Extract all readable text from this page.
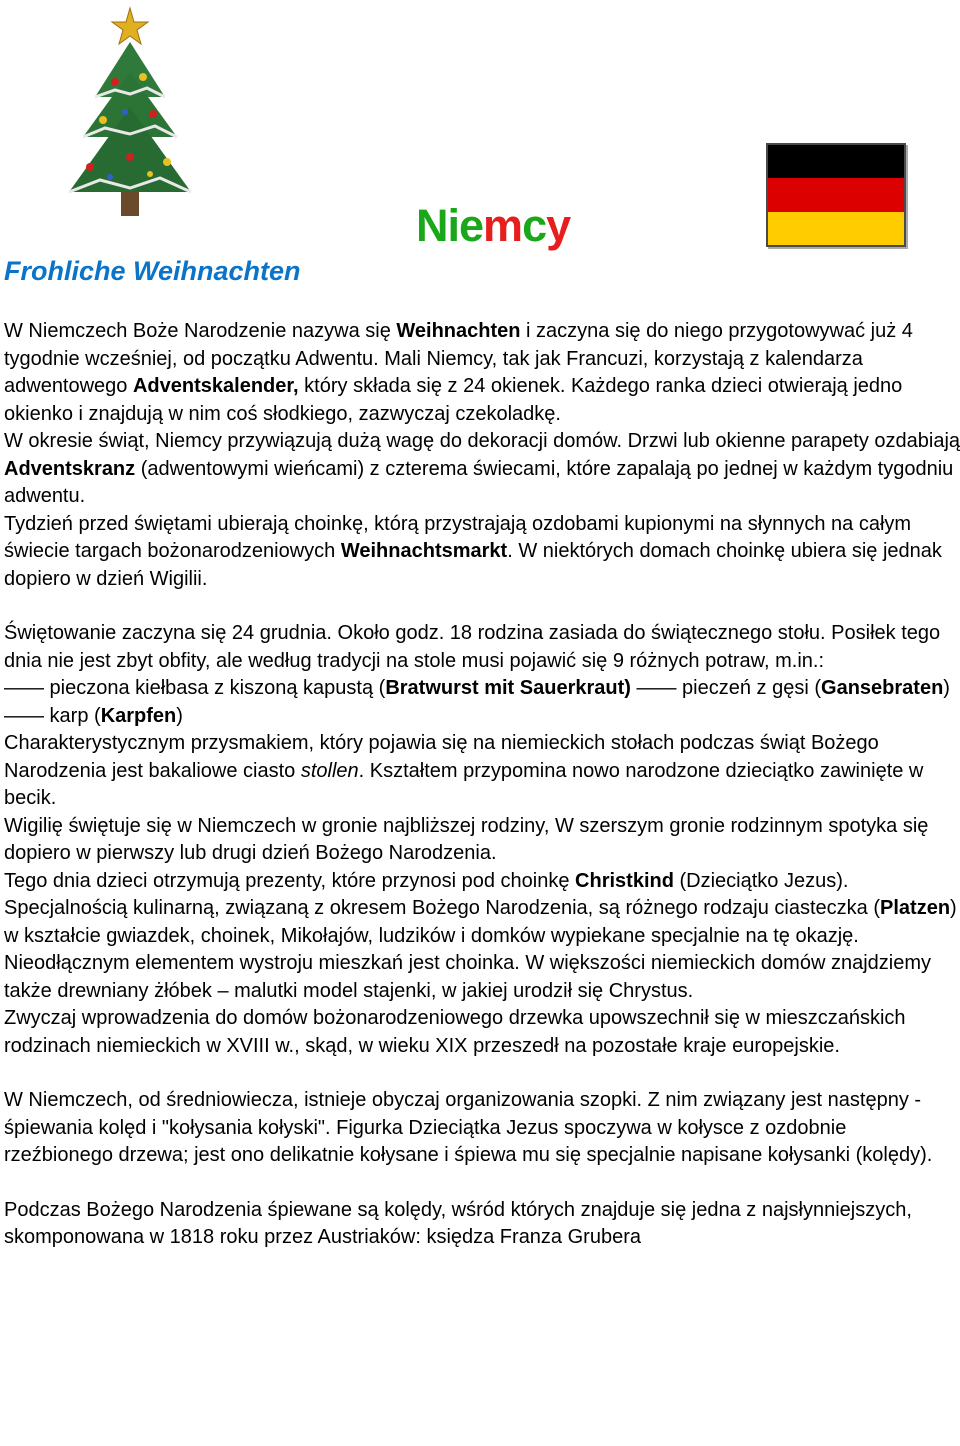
Frohliche Weihnachten
Niemcy

W Niemczech Boże Narodzenie nazywa się Weihnachten i zaczyna się do niego przygotowywać już 4 tygodnie wcześniej, od początku Adwentu. Mali Niemcy, tak jak Francuzi, korzystają z kalendarza adwentowego Adventskalender, który składa się z 24 okienek. Każdego ranka dzieci otwierają jedno okienko i znajdują w nim coś słodkiego, zazwyczaj czekoladkę.

W okresie świąt, Niemcy przywiązują dużą wagę do dekoracji domów. Drzwi lub okienne parapety ozdabiają Adventskranz (adwentowymi wieńcami) z czterema świecami, które zapalają po jednej w każdym tygodniu adwentu.

Tydzień przed świętami ubierają choinkę, którą przystrajają ozdobami kupionymi na słynnych na całym świecie targach bożonarodzeniowych Weihnachtsmarkt. W niektórych domach choinkę ubiera się jednak dopiero w dzień Wigilii.

Świętowanie zaczyna się 24 grudnia. Około godz. 18 rodzina zasiada do świątecznego stołu. Posiłek tego dnia nie jest zbyt obfity, ale według tradycji na stole musi pojawić się 9 różnych potraw, m.in.:

—— pieczona kiełbasa z kiszoną kapustą (Bratwurst mit Sauerkraut) —— pieczeń z gęsi (Gansebraten) —— karp (Karpfen)

Charakterystycznym przysmakiem, który pojawia się na niemieckich stołach podczas świąt Bożego Narodzenia jest bakaliowe ciasto stollen. Kształtem przypomina nowo narodzone dzieciątko zawinięte w becik.

Wigilię świętuje się w Niemczech w gronie najbliższej rodziny, W szerszym gronie rodzinnym spotyka się dopiero w pierwszy lub drugi dzień Bożego Narodzenia.

Tego dnia dzieci otrzymują prezenty, które przynosi pod choinkę Christkind (Dzieciątko Jezus).

Specjalnością kulinarną, związaną z okresem Bożego Narodzenia, są różnego rodzaju ciasteczka (Platzen) w kształcie gwiazdek, choinek, Mikołajów, ludzików i domków wypiekane specjalnie na tę okazję.

Nieodłącznym elementem wystroju mieszkań jest choinka. W większości niemieckich domów znajdziemy także drewniany żłóbek – malutki model stajenki, w jakiej urodził się Chrystus.

Zwyczaj wprowadzenia do domów bożonarodzeniowego drzewka upowszechnił się w mieszczańskich rodzinach niemieckich w XVIII w., skąd, w wieku XIX przeszedł na pozostałe kraje europejskie.

W Niemczech, od średniowiecza, istnieje obyczaj organizowania szopki. Z nim związany jest następny - śpiewania kolęd i "kołysania kołyski". Figurka Dzieciątka Jezus spoczywa w kołysce z ozdobnie rzeźbionego drzewa; jest ono delikatnie kołysane i śpiewa mu się specjalnie napisane kołysanki (kolędy).

Podczas Bożego Narodzenia śpiewane są kolędy, wśród których znajduje się jedna z najsłynniejszych, skomponowana w 1818 roku przez Austriaków: księdza Franza Grubera
